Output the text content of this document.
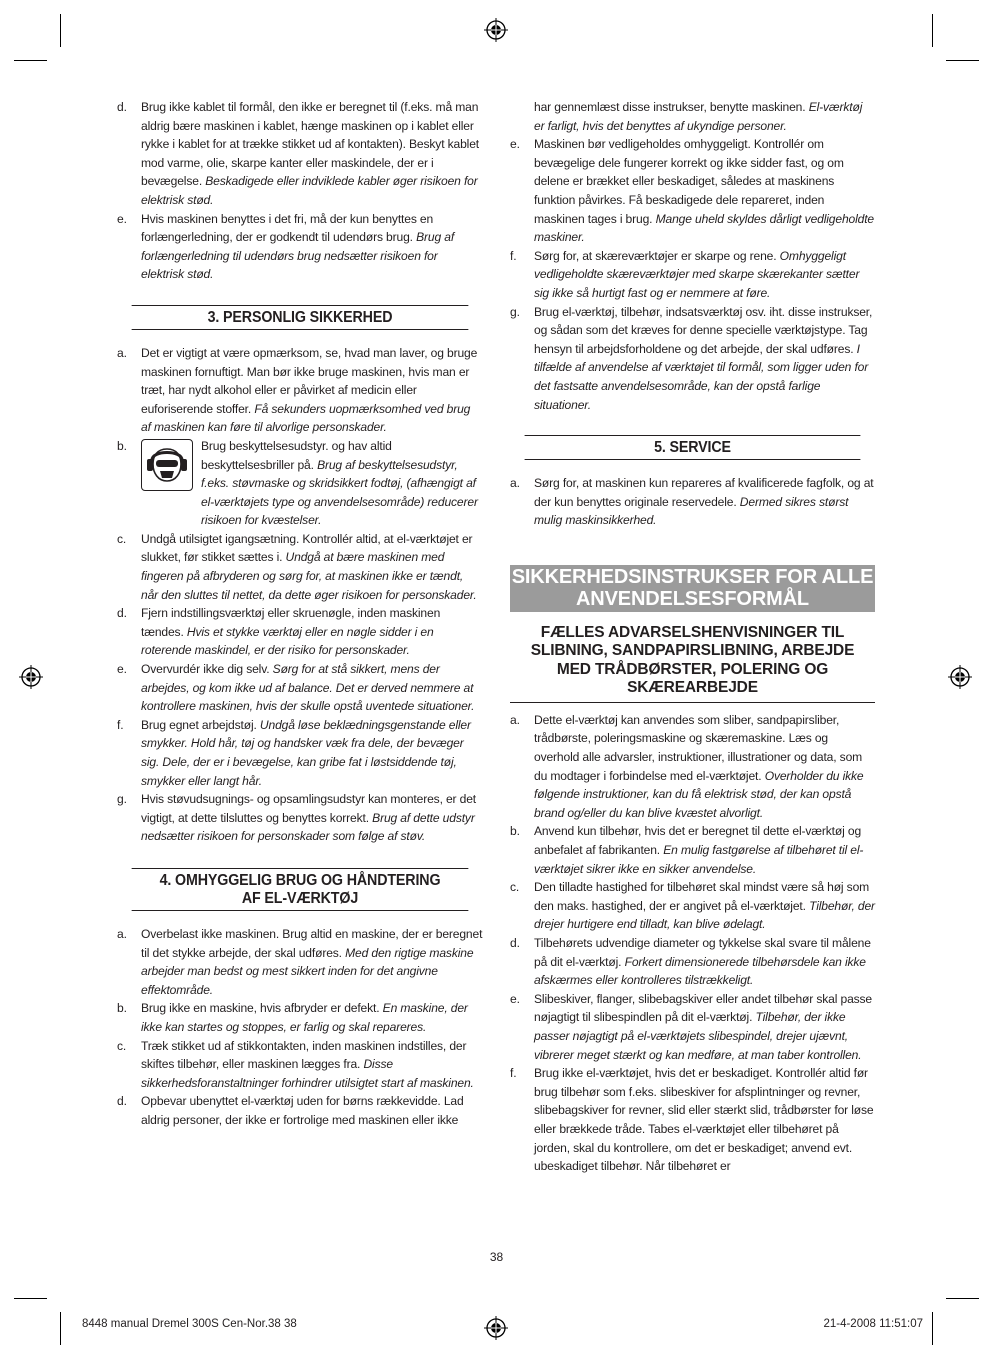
d. Brug ikke kablet til formål, den ikke er beregnet til (f.eks. må man aldrig bære maskinen i kablet, hænge maskinen op i kablet eller rykke i kablet for at trække stikket ud af kontakten). Beskyt kablet mod varme, olie, skarpe kanter eller maskindele, der er i bevægelse. Beskadigede eller indviklede kabler øger risikoen for elektrisk stød.
e. Hvis maskinen benyttes i det fri, må der kun benyttes en forlængerledning, der er godkendt til udendørs brug. Brug af forlængerledning til udendørs brug nedsætter risikoen for elektrisk stød.
3. PERSONLIG SIKKERHED
a. Det er vigtigt at være opmærksom, se, hvad man laver, og bruge maskinen fornuftigt. Man bør ikke bruge maskinen, hvis man er træt, har nydt alkohol eller er påvirket af medicin eller euforiserende stoffer. Få sekunders uopmærksomhed ved brug af maskinen kan føre til alvorlige personskader.
b.	Brug beskyttelsesudstyr. og hav altid beskyttelsesbriller på. Brug af beskyttelsesudstyr, f.eks. støvmaske og skridsikkert fodtøj, (afhængigt af el-værktøjets type og anvendelsesområde) reducerer risikoen for kvæstelser.
c. Undgå utilsigtet igangsætning. Kontrollér altid, at el-værktøjet er slukket, før stikket sættes i. Undgå at bære maskinen med fingeren på afbryderen og sørg for, at maskinen ikke er tændt, når den sluttes til nettet, da dette øger risikoen for personskader.
d. Fjern indstillingsværktøj eller skruenøgle, inden maskinen tændes. Hvis et stykke værktøj eller en nøgle sidder i en roterende maskindel, er der risiko for personskader.
e. Overvurdér ikke dig selv. Sørg for at stå sikkert, mens der arbejdes, og kom ikke ud af balance. Det er derved nemmere at kontrollere maskinen, hvis der skulle opstå uventede situationer.
f. Brug egnet arbejdstøj. Undgå løse beklædningsgenstande eller smykker. Hold hår, tøj og handsker væk fra dele, der bevæger sig. Dele, der er i bevægelse, kan gribe fat i løstsiddende tøj, smykker eller langt hår.
g. Hvis støvudsugnings- og opsamlingsudstyr kan monteres, er det vigtigt, at dette tilsluttes og benyttes korrekt. Brug af dette udstyr nedsætter risikoen for personskader som følge af støv.
4. OMHYGGELIG BRUG OG HÅNDTERING
AF EL-VÆRKTØJ
a. Overbelast ikke maskinen. Brug altid en maskine, der er beregnet til det stykke arbejde, der skal udføres. Med den rigtige maskine arbejder man bedst og mest sikkert inden for det angivne effektområde.
b. Brug ikke en maskine, hvis afbryder er defekt. En maskine, der ikke kan startes og stoppes, er farlig og skal repareres.
c. Træk stikket ud af stikkontakten, inden maskinen indstilles, der skiftes tilbehør, eller maskinen lægges fra. Disse sikkerhedsforanstaltninger forhindrer utilsigtet start af maskinen.
d. Opbevar ubenyttet el-værktøj uden for børns rækkevidde. Lad aldrig personer, der ikke er fortrolige med maskinen eller ikke
har gennemlæst disse instrukser, benytte maskinen. El-værktøj er farligt, hvis det benyttes af ukyndige personer.
e. Maskinen bør vedligeholdes omhyggeligt. Kontrollér om bevægelige dele fungerer korrekt og ikke sidder fast, og om delene er brækket eller beskadiget, således at maskinens funktion påvirkes. Få beskadigede dele repareret, inden maskinen tages i brug. Mange uheld skyldes dårligt vedligeholdte maskiner.
f. Sørg for, at skæreværktøjer er skarpe og rene. Omhyggeligt vedligeholdte skæreværktøjer med skarpe skærekanter sætter sig ikke så hurtigt fast og er nemmere at føre.
g. Brug el-værktøj, tilbehør, indsatsværktøj osv. iht. disse instrukser, og sådan som det kræves for denne specielle værktøjstype. Tag hensyn til arbejdsforholdene og det arbejde, der skal udføres. I tilfælde af anvendelse af værktøjet til formål, som ligger uden for det fastsatte anvendelsesområde, kan der opstå farlige situationer.
5. SERVICE
a. Sørg for, at maskinen kun repareres af kvalificerede fagfolk, og at der kun benyttes originale reservedele. Dermed sikres størst mulig maskinsikkerhed.
SIKKERHEDSINSTRUKSER FOR ALLE
ANVENDELSESFORMÅL
FÆLLES ADVARSELSHENVISNINGER TIL
SLIBNING, SANDPAPIRSLIBNING, ARBEJDE
MED TRÅDBØRSTER, POLERING OG
SKÆREARBEJDE
a. Dette el-værktøj kan anvendes som sliber, sandpapirsliber, trådbørste, poleringsmaskine og skæremaskine. Læs og overhold alle advarsler, instruktioner, illustrationer og data, som du modtager i forbindelse med el-værktøjet. Overholder du ikke følgende instruktioner, kan du få elektrisk stød, der kan opstå brand og/eller du kan blive kvæstet alvorligt.
b. Anvend kun tilbehør, hvis det er beregnet til dette el-værktøj og anbefalet af fabrikanten. En mulig fastgørelse af tilbehøret til el-værktøjet sikrer ikke en sikker anvendelse.
c. Den tilladte hastighed for tilbehøret skal mindst være så høj som den maks. hastighed, der er angivet på el-værktøjet. Tilbehør, der drejer hurtigere end tilladt, kan blive ødelagt.
d. Tilbehørets udvendige diameter og tykkelse skal svare til målene på dit el-værktøj. Forkert dimensionerede tilbehørsdele kan ikke afskærmes eller kontrolleres tilstrækkeligt.
e. Slibeskiver, flanger, slibebagskiver eller andet tilbehør skal passe nøjagtigt til slibespindlen på dit el-værktøj. Tilbehør, der ikke passer nøjagtigt på el-værktøjets slibespindel, drejer ujævnt, vibrerer meget stærkt og kan medføre, at man taber kontrollen.
f. Brug ikke el-værktøjet, hvis det er beskadiget. Kontrollér altid før brug tilbehør som f.eks. slibeskiver for afsplintninger og revner, slibebagskiver for revner, slid eller stærkt slid, trådbørster for løse eller brækkede tråde. Tabes el-værktøjet eller tilbehøret på jorden, skal du kontrollere, om det er beskadiget; anvend evt. ubeskadiget tilbehør. Når tilbehøret er
38
8448 manual Dremel 300S Cen-Nor.38 38	21-4-2008 11:51:07
